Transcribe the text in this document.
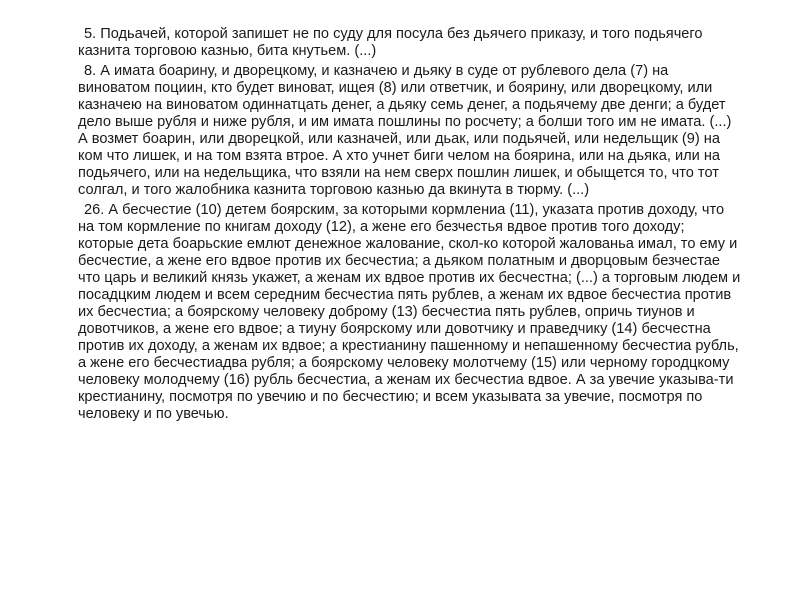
5. Подьачей, которой запишет не по суду для посула без дьячего приказу, и того подьячего казнита торговою казнью, бита кнутьем. (...)

8. А имата боарину, и дворецкому, и казначею и дьяку в суде от рублевого дела (7) на виноватом поциин, кто будет виноват, ищея (8) или ответчик, и боярину, или дворецкому, или казначею на виноватом одиннатцать денег, а дьяку семь денег, а подьячему две денги; а будет дело выше рубля и ниже рубля, и им имата пошлины по росчету; а болши того им не имата. (...) А возмет боарин, или дворецкой, или казначей, или дьак, или подьячей, или недельщик (9) на ком что лишек, и на том взята втрое. А хто учнет биги челом на боярина, или на дьяка, или на подьячего, или на недельщика, что взяли на нем сверх пошлин лишек, и обыщется то, что тот солгал, и того жалобника казнита торговою казнью да вкинута в тюрму. (...)

26. А бесчестие (10) детем боярским, за которыми кормлениа (11), указата против доходу, что на том кормление по книгам доходу (12), а жене его безчестья вдвое против того доходу; которые дета боарьские емлют денежное жалование, скол-ко которой жалованьа имал, то ему и бесчестие, а жене его вдвое против их бесчестиа; а дьяком полатным и дворцовым безчестае что царь и великий князь укажет, а женам их вдвое против их бесчестна; (...) а торговым людем и посадцким людем и всем середним бесчестиа пять рублев, а женам их вдвое бесчестиа против их бесчестиа; а боярскому человеку доброму (13) бесчестиа пять рублев, опричь тиунов и довотчиков, а жене его вдвое; а тиуну боярскому или довотчику и праведчику (14) бесчестна против их доходу, а женам их вдвое; а крестианину пашенному и непашенному бесчестиа рубль, а жене его бесчестиадва рубля; а боярскому человеку молотчему (15) или черному городцкому человеку молодчему (16) рубль бесчестиа, а женам их бесчестиа вдвое. А за увечие указыва-ти крестианину, посмотря по увечию и по бесчестию; и всем указывата за увечие, посмотря по человеку и по увечью.
